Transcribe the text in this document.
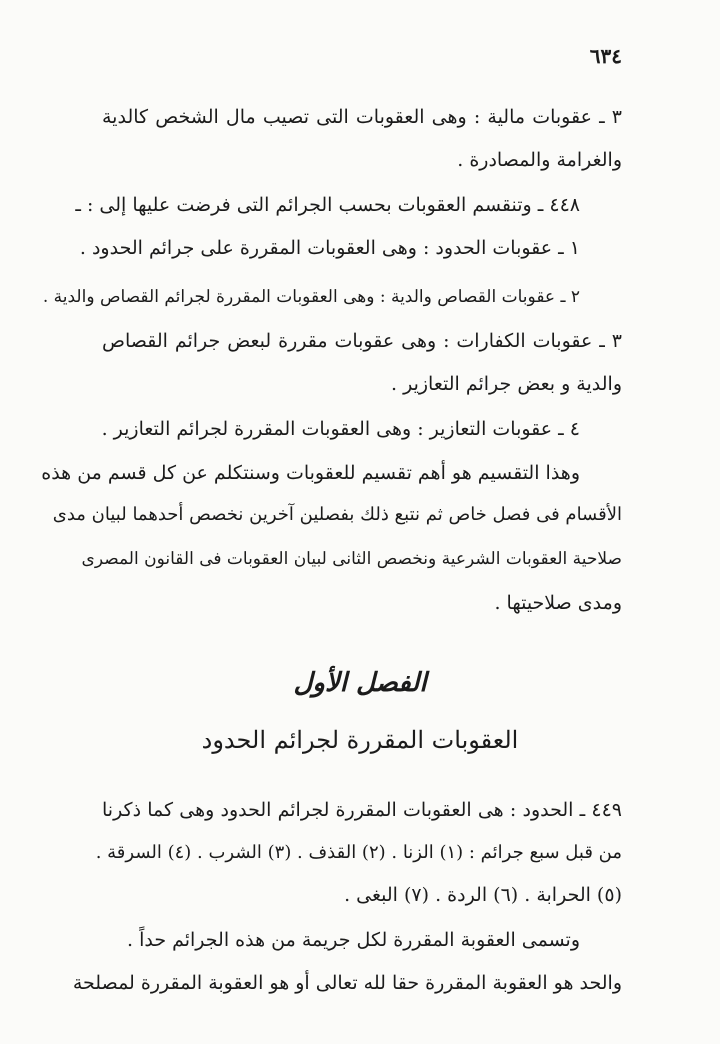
٦٣٤
٣ ـ عقوبات مالية : وهى العقوبات التى تصيب مال الشخص كالدية
والغرامة والمصادرة .
٤٤٨ ـ وتنقسم العقوبات بحسب الجرائم التى فرضت عليها إلى : ـ
١ ـ عقوبات الحدود : وهى العقوبات المقررة على جرائم الحدود .
٢ ـ عقوبات القصاص والدية : وهى العقوبات المقررة لجرائم القصاص والدية .
٣ ـ عقوبات الكفارات : وهى عقوبات مقررة لبعض جرائم القصاص
والدية و بعض جرائم التعازير .
٤ ـ عقوبات التعازير : وهى العقوبات المقررة لجرائم التعازير .
وهذا التقسيم هو أهم تقسيم للعقوبات وسنتكلم عن كل قسم من هذه
الأقسام فى فصل خاص ثم نتبع ذلك بفصلين آخرين نخصص أحدهما لبيان مدى
صلاحية العقوبات الشرعية ونخصص الثانى لبيان العقوبات فى القانون المصرى
ومدى صلاحيتها .
الفصل الأول
العقوبات المقررة لجرائم الحدود
٤٤٩ ـ الحدود : هى العقوبات المقررة لجرائم الحدود وهى كما ذكرنا
من قبل سبع جرائم : (١) الزنا . (٢) القذف . (٣) الشرب . (٤) السرقة .
(٥) الحرابة . (٦) الردة . (٧) البغى .
وتسمى العقوبة المقررة لكل جريمة من هذه الجرائم حداً .
والحد هو العقوبة المقررة حقا لله تعالى أو هو العقوبة المقررة لمصلحة
